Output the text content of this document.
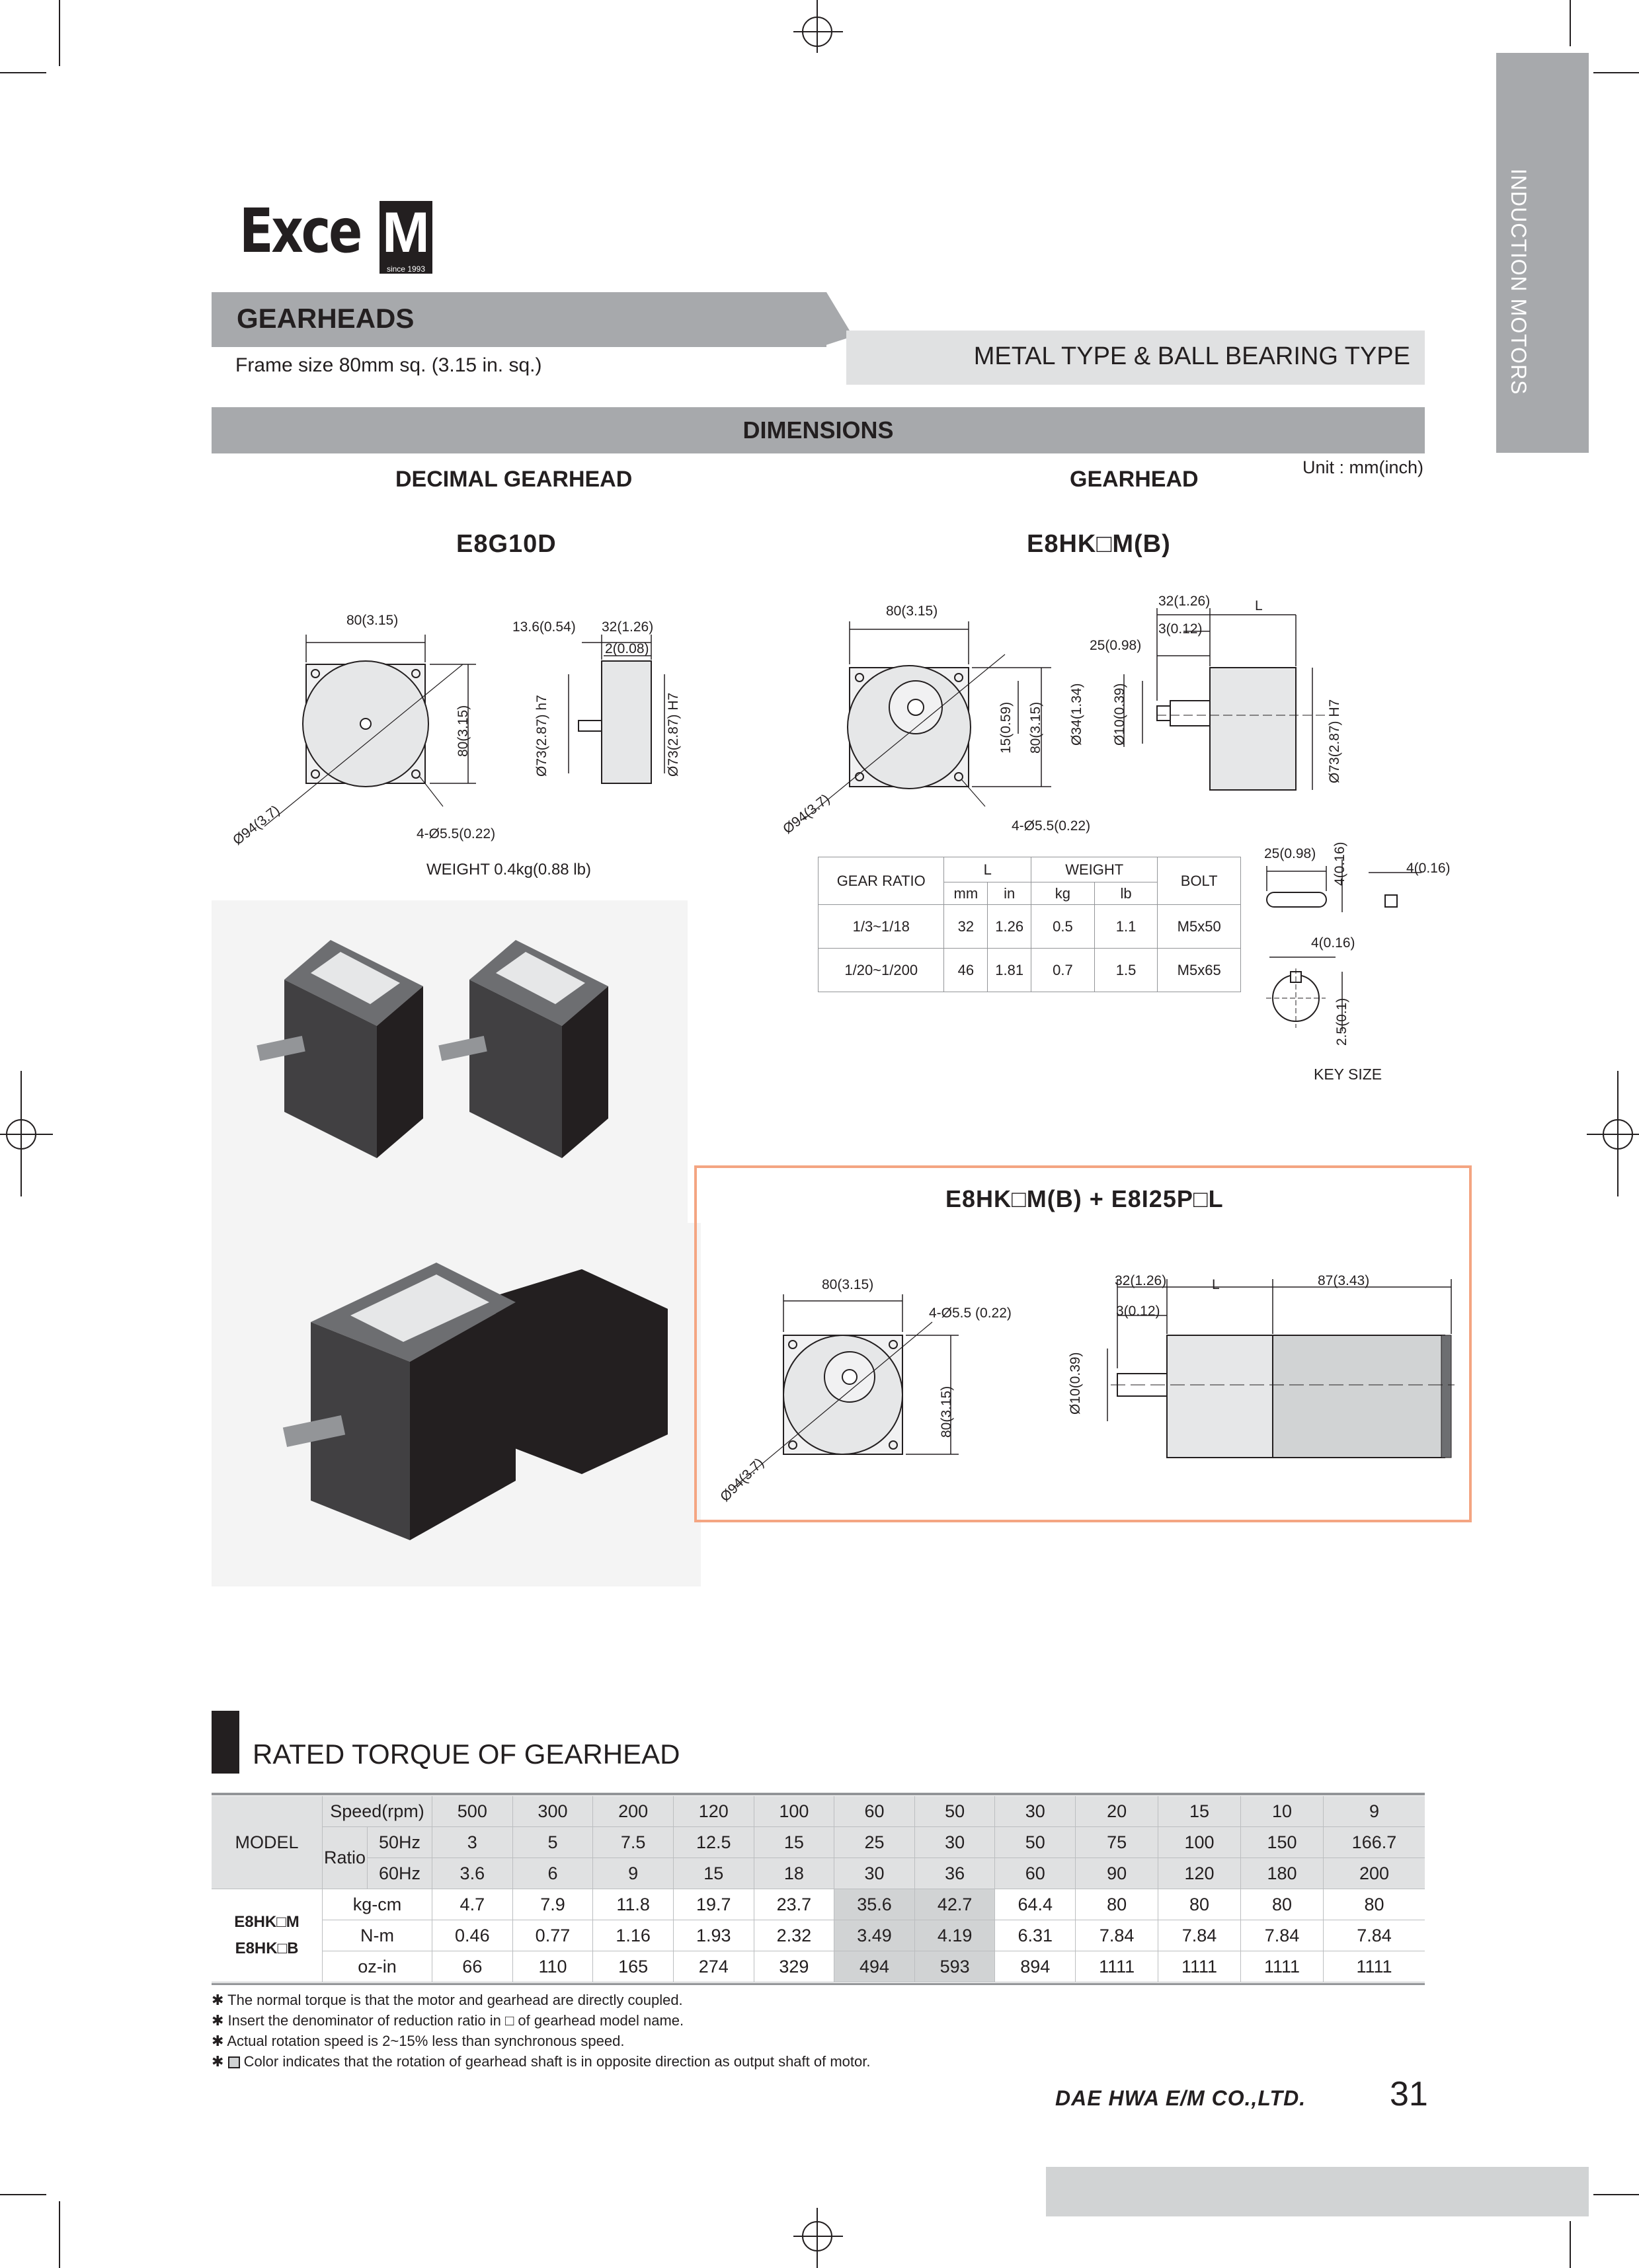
Exce M
since 1993	INDUCTION MOTORS
GEARHEADS
Frame size 80mm sq. (3.15 in. sq.)	METAL TYPE & BALL BEARING TYPE
DIMENSIONS
Unit : mm(inch)
DECIMAL GEARHEAD	GEARHEAD
E8G10D	E8HK□M(B)
80(3.15)
80(3.15)
Ø94(3.7)	4-Ø5.5(0.22)
13.6(0.54) 32(1.26)
2(0.08)
Ø73(2.87) h7	Ø73(2.87) H7
WEIGHT 0.4kg(0.88 lb)
80(3.15)
15(0.59) 80(3.15)
Ø94(3.7)	4-Ø5.5(0.22)
32(1.26)	L
3(0.12)
25(0.98)
Ø34(1.34) Ø10(0.39)	Ø73(2.87) H7
GEAR RATIO	L		WEIGHT		BOLT
	mm	in	kg	lb	
1/3~1/18	32	1.26	0.5	1.1	M5x50
1/20~1/200	46	1.81	0.7	1.5	M5x65
25(0.98) 4(0.16)	4(0.16)
4(0.16)
2.5(0.1)
KEY SIZE
E8HK□M(B) + E8I25P□L
80(3.15)
4-Ø5.5 (0.22)
80(3.15)
Ø94(3.7)
32(1.26)	L	87(3.43)
3(0.12)
Ø10(0.39)
RATED TORQUE OF GEARHEAD
MODEL	Speed(rpm)		500	300	200	120	100	60	50	30	20	15	10	9
	Ratio	50Hz	3	5	7.5	12.5	15	25	30	50	75	100	150	166.7
		60Hz	3.6	6	9	15	18	30	36	60	90	120	180	200

E8HK□M
E8HK□B	kg-cm		4.7	7.9	11.8	19.7	23.7	35.6	42.7	64.4	80	80	80	80
	N-m		0.46	0.77	1.16	1.93	2.32	3.49	4.19	6.31	7.84	7.84	7.84	7.84
	oz-in		66	110	165	274	329	494	593	894	1111	1111	1111	1111
✱ The normal torque is that the motor and gearhead are directly coupled.
✱ Insert the denominator of reduction ratio in □ of gearhead model name.
✱ Actual rotation speed is 2~15% less than synchronous speed.
✱  Color indicates that the rotation of gearhead shaft is in opposite direction as output shaft of motor.
DAE HWA E/M CO.,LTD. 31
